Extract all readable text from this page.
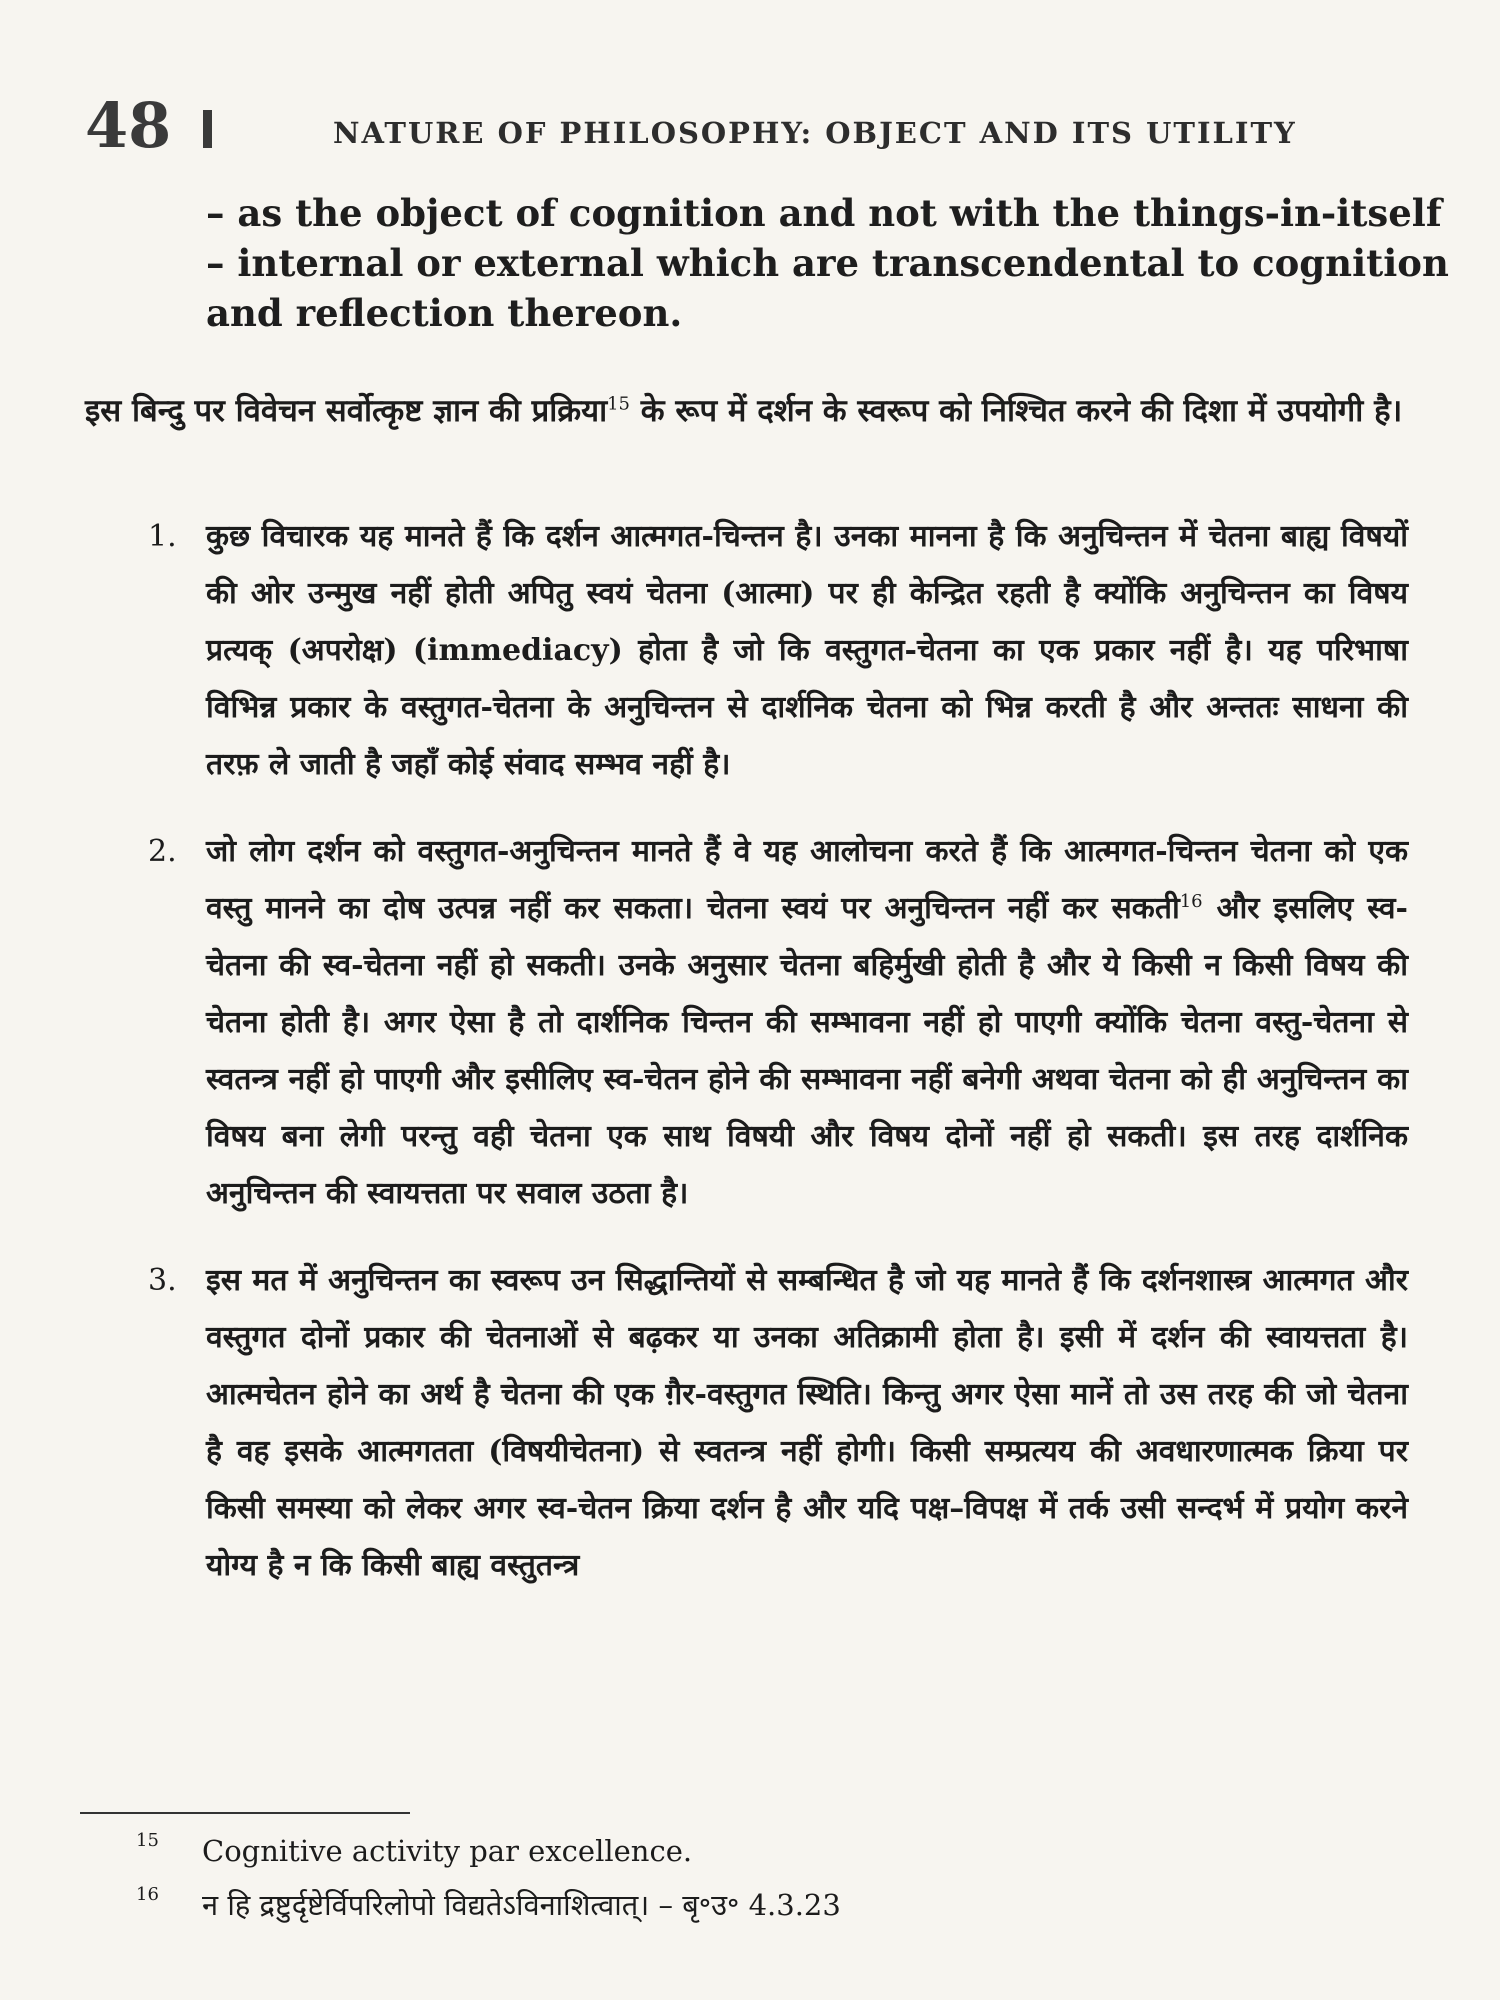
48	NATURE OF PHILOSOPHY: OBJECT AND ITS UTILITY
– as the object of cognition and not with the things-in-itself
– internal or external which are transcendental to cognition
and reflection thereon.
इस बिन्दु पर विवेचन सर्वोत्कृष्ट ज्ञान की प्रक्रिया$^{15}$ के रूप में दर्शन के स्वरूप को निश्चित करने की दिशा में उपयोगी है।
1. कुछ विचारक यह मानते हैं कि दर्शन आत्मगत-चिन्तन है। उनका मानना है कि अनुचिन्तन में चेतना बाह्य विषयों की ओर उन्मुख नहीं होती अपितु स्वयं चेतना (आत्मा) पर ही केन्द्रित रहती है क्योंकि अनुचिन्तन का विषय प्रत्यक् (अपरोक्ष) (immediacy) होता है जो कि वस्तुगत-चेतना का एक प्रकार नहीं है। यह परिभाषा विभिन्न प्रकार के वस्तुगत-चेतना के अनुचिन्तन से दार्शनिक चेतना को भिन्न करती है और अन्ततः साधना की तरफ़ ले जाती है जहाँ कोई संवाद सम्भव नहीं है।
2. जो लोग दर्शन को वस्तुगत-अनुचिन्तन मानते हैं वे यह आलोचना करते हैं कि आत्मगत-चिन्तन चेतना को एक वस्तु मानने का दोष उत्पन्न नहीं कर सकता। चेतना स्वयं पर अनुचिन्तन नहीं कर सकती$^{16}$ और इसलिए स्व-चेतना की स्व-चेतना नहीं हो सकती। उनके अनुसार चेतना बहिर्मुखी होती है और ये किसी न किसी विषय की चेतना होती है। अगर ऐसा है तो दार्शनिक चिन्तन की सम्भावना नहीं हो पाएगी क्योंकि चेतना वस्तु-चेतना से स्वतन्त्र नहीं हो पाएगी और इसीलिए स्व-चेतन होने की सम्भावना नहीं बनेगी अथवा चेतना को ही अनुचिन्तन का विषय बना लेगी परन्तु वही चेतना एक साथ विषयी और विषय दोनों नहीं हो सकती। इस तरह दार्शनिक अनुचिन्तन की स्वायत्तता पर सवाल उठता है।
3. इस मत में अनुचिन्तन का स्वरूप उन सिद्धान्तियों से सम्बन्धित है जो यह मानते हैं कि दर्शनशास्त्र आत्मगत और वस्तुगत दोनों प्रकार की चेतनाओं से बढ़कर या उनका अतिक्रामी होता है। इसी में दर्शन की स्वायत्तता है। आत्मचेतन होने का अर्थ है चेतना की एक ग़ैर-वस्तुगत स्थिति। किन्तु अगर ऐसा मानें तो उस तरह की जो चेतना है वह इसके आत्मगतता (विषयीचेतना) से स्वतन्त्र नहीं होगी। किसी सम्प्रत्यय की अवधारणात्मक क्रिया पर किसी समस्या को लेकर अगर स्व-चेतन क्रिया दर्शन है और यदि पक्ष–विपक्ष में तर्क उसी सन्दर्भ में प्रयोग करने योग्य है न कि किसी बाह्य वस्तुतन्त्र
15 Cognitive activity par excellence.
16 न हि द्रष्टुर्दृष्टेर्विपरिलोपो विद्यतेऽविनाशित्वात्। – बृ॰उ॰ 4.3.23
